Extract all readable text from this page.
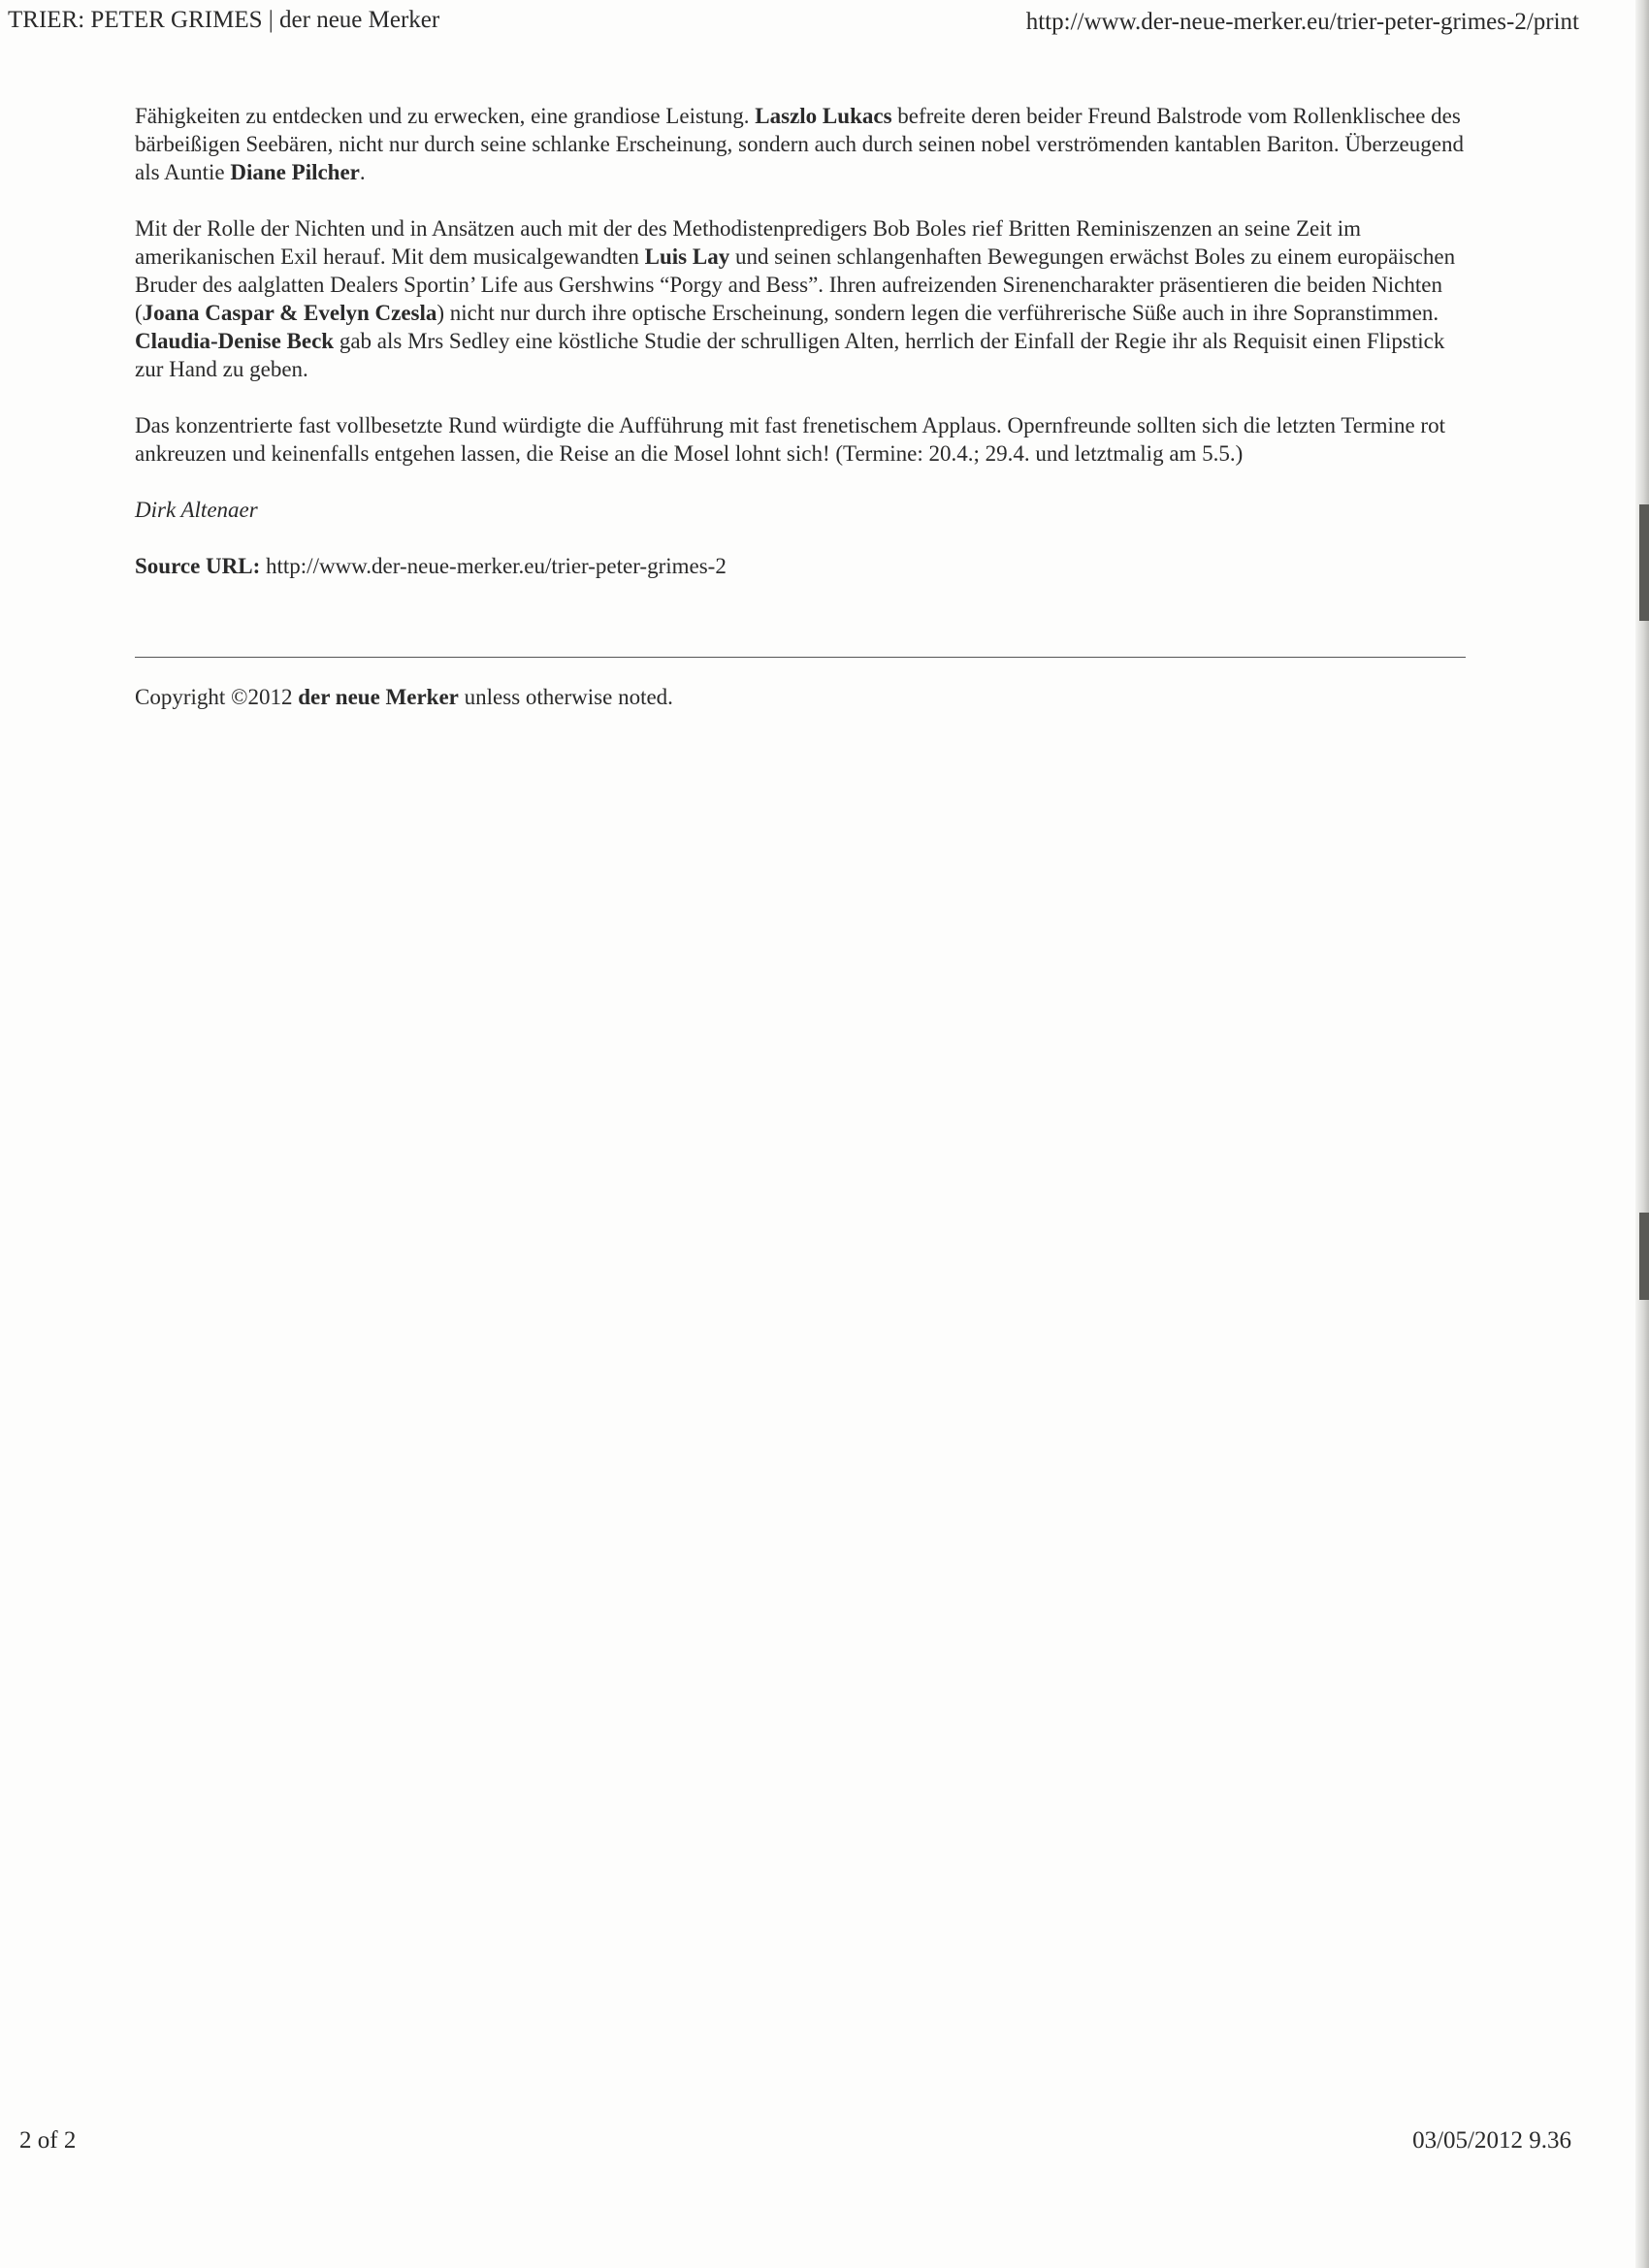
TRIER: PETER GRIMES | der neue Merker	http://www.der-neue-merker.eu/trier-peter-grimes-2/print

Fähigkeiten zu entdecken und zu erwecken, eine grandiose Leistung. Laszlo Lukacs befreite deren beider Freund Balstrode vom Rollenklischee des bärbeißigen Seebären, nicht nur durch seine schlanke Erscheinung, sondern auch durch seinen nobel verströmenden kantablen Bariton. Überzeugend als Auntie Diane Pilcher.

Mit der Rolle der Nichten und in Ansätzen auch mit der des Methodistenpredigers Bob Boles rief Britten Reminiszenzen an seine Zeit im amerikanischen Exil herauf. Mit dem musicalgewandten Luis Lay und seinen schlangenhaften Bewegungen erwächst Boles zu einem europäischen Bruder des aalglatten Dealers Sportin’ Life aus Gershwins “Porgy and Bess”. Ihren aufreizenden Sirenencharakter präsentieren die beiden Nichten (Joana Caspar & Evelyn Czesla) nicht nur durch ihre optische Erscheinung, sondern legen die verführerische Süße auch in ihre Sopranstimmen. Claudia-Denise Beck gab als Mrs Sedley eine köstliche Studie der schrulligen Alten, herrlich der Einfall der Regie ihr als Requisit einen Flipstick zur Hand zu geben.

Das konzentrierte fast vollbesetzte Rund würdigte die Aufführung mit fast frenetischem Applaus. Opernfreunde sollten sich die letzten Termine rot ankreuzen und keinenfalls entgehen lassen, die Reise an die Mosel lohnt sich! (Termine: 20.4.; 29.4. und letztmalig am 5.5.)

Dirk Altenaer

Source URL: http://www.der-neue-merker.eu/trier-peter-grimes-2

Copyright ©2012 der neue Merker unless otherwise noted.
2 of 2	03/05/2012 9.36
